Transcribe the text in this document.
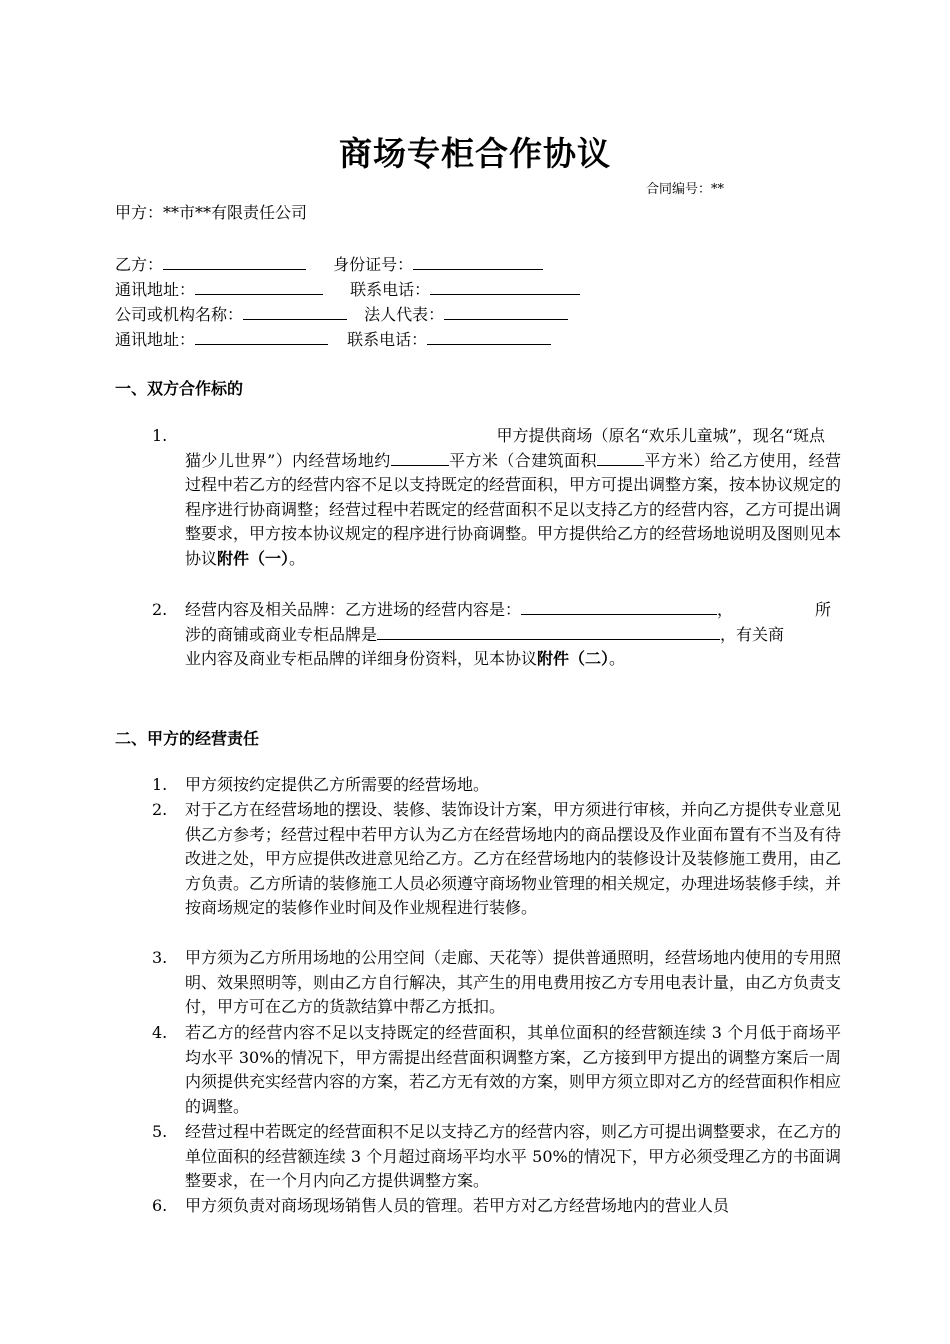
商场专柜合作协议
合同编号：**
甲方：**市**有限责任公司
乙方：	身份证号：
通讯地址：	联系电话：
公司或机构名称：	法人代表：
通讯地址：	联系电话：
一、双方合作标的
1.	甲方提供商场（原名“欢乐儿童城”，现名“斑点
猫少儿世界”）内经营场地约	平方米（合建筑面积	平方米）给乙方使用，经营过程中若乙方的经营内容不足以支持既定的经营面积，甲方可提出调整方案，按本协议规定的程序进行协商调整；经营过程中若既定的经营面积不足以支持乙方的经营内容，乙方可提出调整要求，甲方按本协议规定的程序进行协商调整。甲方提供给乙方的经营场地说明及图则见本协议附件（一）。
2. 经营内容及相关品牌：乙方进场的经营内容是：	，	所

涉的商铺或商业专柜品牌是	，有关商
业内容及商业专柜品牌的详细身份资料，见本协议附件（二）。
二、甲方的经营责任
1. 甲方须按约定提供乙方所需要的经营场地。
2. 对于乙方在经营场地的摆设、装修、装饰设计方案，甲方须进行审核，并向乙方提供专业意见供乙方参考；经营过程中若甲方认为乙方在经营场地内的商品摆设及作业面布置有不当及有待改进之处，甲方应提供改进意见给乙方。乙方在经营场地内的装修设计及装修施工费用，由乙方负责。乙方所请的装修施工人员必须遵守商场物业管理的相关规定，办理进场装修手续，并按商场规定的装修作业时间及作业规程进行装修。
3. 甲方须为乙方所用场地的公用空间（走廊、天花等）提供普通照明，经营场地内使用的专用照明、效果照明等，则由乙方自行解决，其产生的用电费用按乙方专用电表计量，由乙方负责支付，甲方可在乙方的货款结算中帮乙方抵扣。
4. 若乙方的经营内容不足以支持既定的经营面积，其单位面积的经营额连续 3 个月低于商场平均水平 30%的情况下，甲方需提出经营面积调整方案，乙方接到甲方提出的调整方案后一周内须提供充实经营内容的方案，若乙方无有效的方案，则甲方须立即对乙方的经营面积作相应的调整。
5. 经营过程中若既定的经营面积不足以支持乙方的经营内容，则乙方可提出调整要求，在乙方的单位面积的经营额连续 3 个月超过商场平均水平 50%的情况下，甲方必须受理乙方的书面调整要求，在一个月内向乙方提供调整方案。
6. 甲方须负责对商场现场销售人员的管理。若甲方对乙方经营场地内的营业人员
